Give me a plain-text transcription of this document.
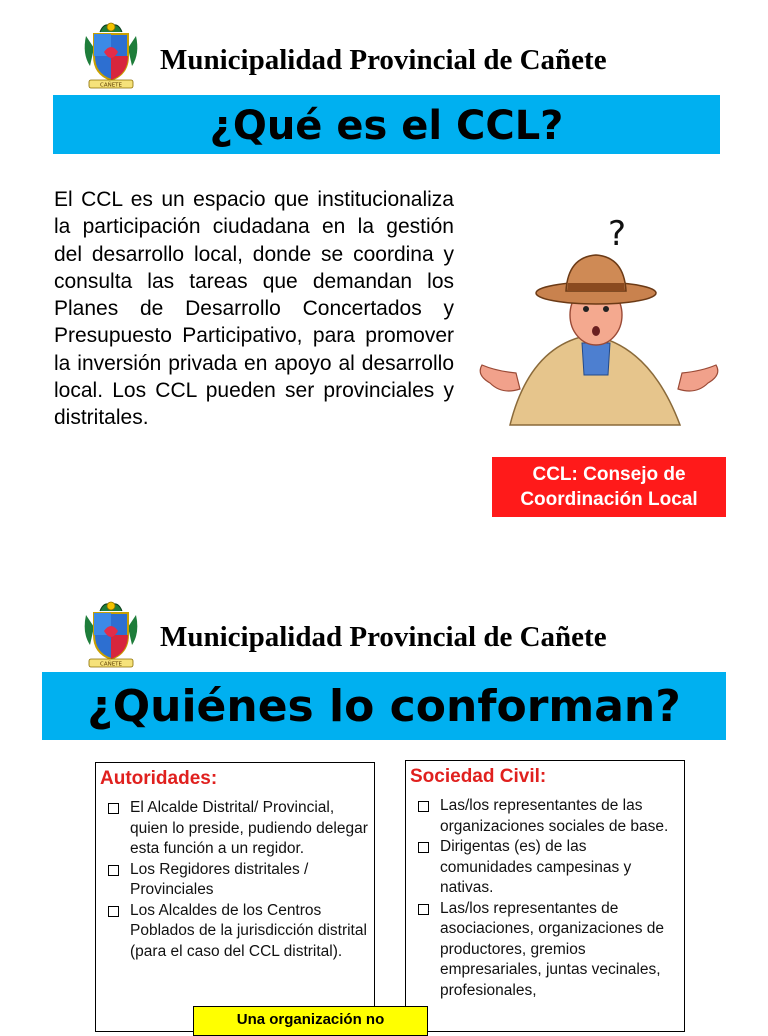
CAÑETE
Municipalidad Provincial de Cañete
¿Qué es el CCL?
El CCL es un espacio que institucionaliza la participación ciudadana en la gestión del desarrollo local, donde se coordina y consulta las tareas que demandan los Planes de Desarrollo Concertados y Presupuesto Participativo, para promover la inversión privada en apoyo al desarrollo local. Los CCL pueden ser provinciales y distritales.
?
CCL: Consejo de
Coordinación Local
CAÑETE
Municipalidad Provincial de Cañete
¿Quiénes lo conforman?
Autoridades:
El Alcalde Distrital/ Provincial, quien lo preside, pudiendo delegar esta función a un regidor.
Los Regidores distritales / Provinciales
Los Alcaldes de los Centros Poblados de la jurisdicción distrital (para el caso del CCL distrital).
Sociedad Civil:
Las/los representantes de las organizaciones sociales de base.
Dirigentas (es) de las comunidades campesinas y nativas.
Las/los representantes de asociaciones, organizaciones de productores, gremios empresariales, juntas vecinales, profesionales,
Una organización no
